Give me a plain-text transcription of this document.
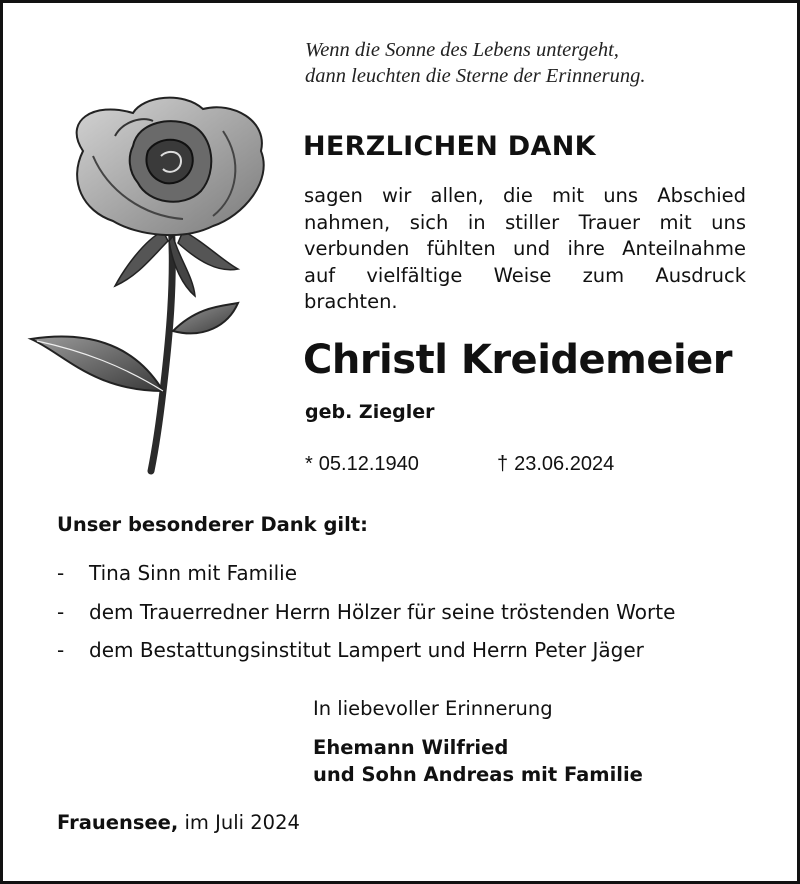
Wenn die Sonne des Lebens untergeht,
dann leuchten die Sterne der Erinnerung.
HERZLICHEN DANK
sagen wir allen, die mit uns Abschied
nahmen, sich in stiller Trauer mit uns
verbunden fühlten und ihre Anteilnahme
auf vielfältige Weise zum Ausdruck
brachten.
Christl Kreidemeier
geb. Ziegler
* 05.12.1940	† 23.06.2024
Unser besonderer Dank gilt:
- Tina Sinn mit Familie
- dem Trauerredner Herrn Hölzer für seine tröstenden Worte
- dem Bestattungsinstitut Lampert und Herrn Peter Jäger
In liebevoller Erinnerung
Ehemann Wilfried
und Sohn Andreas mit Familie
Frauensee, im Juli 2024
